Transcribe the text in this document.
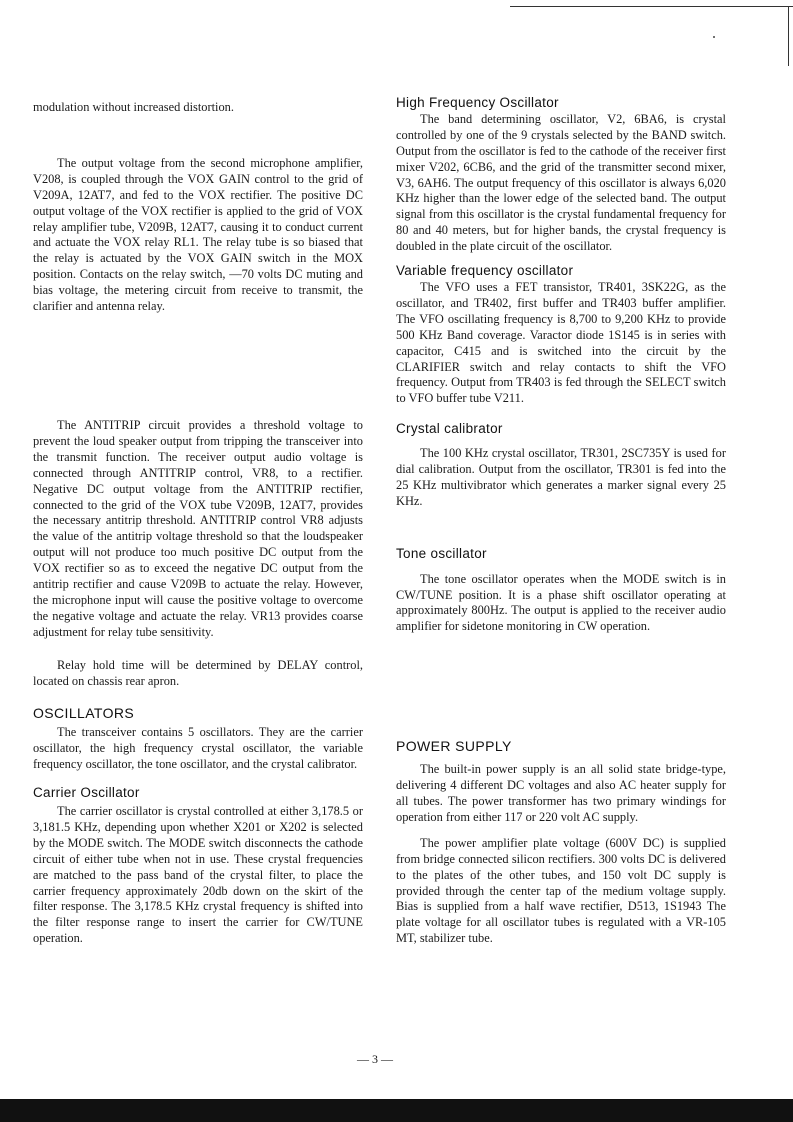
modulation without increased distortion.

The output voltage from the second microphone amplifier, V208, is coupled through the VOX GAIN control to the grid of V209A, 12AT7, and fed to the VOX rectifier. The positive DC output voltage of the VOX rectifier is applied to the grid of VOX relay amplifier tube, V209B, 12AT7, causing it to conduct current and actuate the VOX relay RL1. The relay tube is so biased that the relay is actuated by the VOX GAIN switch in the MOX position. Contacts on the relay switch, —70 volts DC muting and bias voltage, the metering circuit from receive to transmit, the clarifier and antenna relay.

The ANTITRIP circuit provides a threshold voltage to prevent the loud speaker output from tripping the transceiver into the transmit function. The receiver output audio voltage is connected through ANTITRIP control, VR8, to a rectifier. Negative DC output voltage from the ANTITRIP rectifier, connected to the grid of the VOX tube V209B, 12AT7, provides the necessary antitrip threshold. ANTITRIP control VR8 adjusts the value of the antitrip voltage threshold so that the loudspeaker output will not produce too much positive DC output from the VOX rectifier so as to exceed the negative DC output from the antitrip rectifier and cause V209B to actuate the relay. However, the microphone input will cause the positive voltage to overcome the negative voltage and actuate the relay. VR13 provides coarse adjustment for relay tube sensitivity.

Relay hold time will be determined by DELAY control, located on chassis rear apron.

OSCILLATORS

The transceiver contains 5 oscillators. They are the carrier oscillator, the high frequency crystal oscillator, the variable frequency oscillator, the tone oscillator, and the crystal calibrator.

Carrier Oscillator

The carrier oscillator is crystal controlled at either 3,178.5 or 3,181.5 KHz, depending upon whether X201 or X202 is selected by the MODE switch. The MODE switch disconnects the cathode circuit of either tube when not in use. These crystal frequencies are matched to the pass band of the crystal filter, to place the carrier frequency approximately 20db down on the skirt of the filter response. The 3,178.5 KHz crystal frequency is shifted into the filter response range to insert the carrier for CW/TUNE operation.

High Frequency Oscillator

The band determining oscillator, V2, 6BA6, is crystal controlled by one of the 9 crystals selected by the BAND switch. Output from the oscillator is fed to the cathode of the receiver first mixer V202, 6CB6, and the grid of the transmitter second mixer, V3, 6AH6. The output frequency of this oscillator is always 6,020 KHz higher than the lower edge of the selected band. The output signal from this oscillator is the crystal fundamental frequency for 80 and 40 meters, but for higher bands, the crystal frequency is doubled in the plate circuit of the oscillator.

Variable frequency oscillator

The VFO uses a FET transistor, TR401, 3SK22G, as the oscillator, and TR402, first buffer and TR403 buffer amplifier. The VFO oscillating frequency is 8,700 to 9,200 KHz to provide 500 KHz Band coverage. Varactor diode 1S145 is in series with capacitor, C415 and is switched into the circuit by the CLARIFIER switch and relay contacts to shift the VFO frequency. Output from TR403 is fed through the SELECT switch to VFO buffer tube V211.

Crystal calibrator

The 100 KHz crystal oscillator, TR301, 2SC735Y is used for dial calibration. Output from the oscillator, TR301 is fed into the 25 KHz multivibrator which generates a marker signal every 25 KHz.

Tone oscillator

The tone oscillator operates when the MODE switch is in CW/TUNE position. It is a phase shift oscillator operating at approximately 800Hz. The output is applied to the receiver audio amplifier for sidetone monitoring in CW operation.

POWER SUPPLY

The built-in power supply is an all solid state bridge-type, delivering 4 different DC voltages and also AC heater supply for all tubes. The power transformer has two primary windings for operation from either 117 or 220 volt AC supply.

The power amplifier plate voltage (600V DC) is supplied from bridge connected silicon rectifiers. 300 volts DC is delivered to the plates of the other tubes, and 150 volt DC supply is provided through the center tap of the medium voltage supply. Bias is supplied from a half wave rectifier, D513, 1S1943 The plate voltage for all oscillator tubes is regulated with a VR-105 MT, stabilizer tube.

— 3 —
